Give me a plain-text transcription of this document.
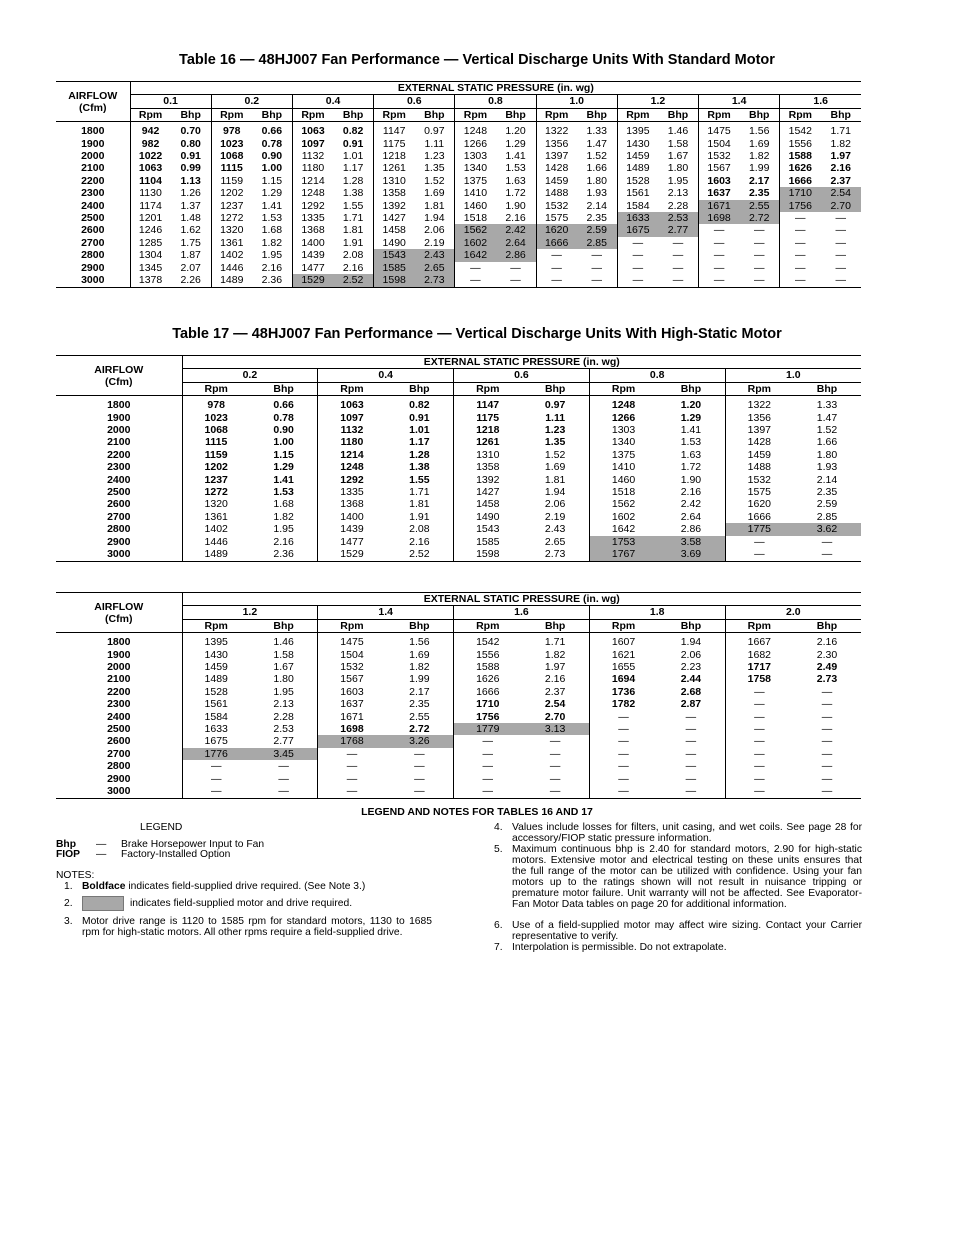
Table 16 — 48HJ007 Fan Performance — Vertical Discharge Units With Standard Motor
AIRFLOW
(Cfm)	EXTERNAL STATIC PRESSURE (in. wg)																	
	0.1		0.2		0.4		0.6		0.8		1.0		1.2		1.4		1.6	
	Rpm	Bhp	Rpm	Bhp	Rpm	Bhp	Rpm	Bhp	Rpm	Bhp	Rpm	Bhp	Rpm	Bhp	Rpm	Bhp	Rpm	Bhp
1800	942	0.70	978	0.66	1063	0.82	1147	0.97	1248	1.20	1322	1.33	1395	1.46	1475	1.56	1542	1.71
1900	982	0.80	1023	0.78	1097	0.91	1175	1.11	1266	1.29	1356	1.47	1430	1.58	1504	1.69	1556	1.82
2000	1022	0.91	1068	0.90	1132	1.01	1218	1.23	1303	1.41	1397	1.52	1459	1.67	1532	1.82	1588	1.97
2100	1063	0.99	1115	1.00	1180	1.17	1261	1.35	1340	1.53	1428	1.66	1489	1.80	1567	1.99	1626	2.16
2200	1104	1.13	1159	1.15	1214	1.28	1310	1.52	1375	1.63	1459	1.80	1528	1.95	1603	2.17	1666	2.37
2300	1130	1.26	1202	1.29	1248	1.38	1358	1.69	1410	1.72	1488	1.93	1561	2.13	1637	2.35	1710	2.54
2400	1174	1.37	1237	1.41	1292	1.55	1392	1.81	1460	1.90	1532	2.14	1584	2.28	1671	2.55	1756	2.70
2500	1201	1.48	1272	1.53	1335	1.71	1427	1.94	1518	2.16	1575	2.35	1633	2.53	1698	2.72	—	—
2600	1246	1.62	1320	1.68	1368	1.81	1458	2.06	1562	2.42	1620	2.59	1675	2.77	—	—	—	—
2700	1285	1.75	1361	1.82	1400	1.91	1490	2.19	1602	2.64	1666	2.85	—	—	—	—	—	—
2800	1304	1.87	1402	1.95	1439	2.08	1543	2.43	1642	2.86	—	—	—	—	—	—	—	—
2900	1345	2.07	1446	2.16	1477	2.16	1585	2.65	—	—	—	—	—	—	—	—	—	—
3000	1378	2.26	1489	2.36	1529	2.52	1598	2.73	—	—	—	—	—	—	—	—	—	—
Table 17 — 48HJ007 Fan Performance — Vertical Discharge Units With High-Static Motor
AIRFLOW
(Cfm)	EXTERNAL STATIC PRESSURE (in. wg)									
	0.2		0.4		0.6		0.8		1.0	
	Rpm	Bhp	Rpm	Bhp	Rpm	Bhp	Rpm	Bhp	Rpm	Bhp
1800	978	0.66	1063	0.82	1147	0.97	1248	1.20	1322	1.33
1900	1023	0.78	1097	0.91	1175	1.11	1266	1.29	1356	1.47
2000	1068	0.90	1132	1.01	1218	1.23	1303	1.41	1397	1.52
2100	1115	1.00	1180	1.17	1261	1.35	1340	1.53	1428	1.66
2200	1159	1.15	1214	1.28	1310	1.52	1375	1.63	1459	1.80
2300	1202	1.29	1248	1.38	1358	1.69	1410	1.72	1488	1.93
2400	1237	1.41	1292	1.55	1392	1.81	1460	1.90	1532	2.14
2500	1272	1.53	1335	1.71	1427	1.94	1518	2.16	1575	2.35
2600	1320	1.68	1368	1.81	1458	2.06	1562	2.42	1620	2.59
2700	1361	1.82	1400	1.91	1490	2.19	1602	2.64	1666	2.85
2800	1402	1.95	1439	2.08	1543	2.43	1642	2.86	1775	3.62
2900	1446	2.16	1477	2.16	1585	2.65	1753	3.58	—	—
3000	1489	2.36	1529	2.52	1598	2.73	1767	3.69	—	—
AIRFLOW
(Cfm)	EXTERNAL STATIC PRESSURE (in. wg)									
	1.2		1.4		1.6		1.8		2.0	
	Rpm	Bhp	Rpm	Bhp	Rpm	Bhp	Rpm	Bhp	Rpm	Bhp
1800	1395	1.46	1475	1.56	1542	1.71	1607	1.94	1667	2.16
1900	1430	1.58	1504	1.69	1556	1.82	1621	2.06	1682	2.30
2000	1459	1.67	1532	1.82	1588	1.97	1655	2.23	1717	2.49
2100	1489	1.80	1567	1.99	1626	2.16	1694	2.44	1758	2.73
2200	1528	1.95	1603	2.17	1666	2.37	1736	2.68	—	—
2300	1561	2.13	1637	2.35	1710	2.54	1782	2.87	—	—
2400	1584	2.28	1671	2.55	1756	2.70	—	—	—	—
2500	1633	2.53	1698	2.72	1779	3.13	—	—	—	—
2600	1675	2.77	1768	3.26	—	—	—	—	—	—
2700	1776	3.45	—	—	—	—	—	—	—	—
2800	—	—	—	—	—	—	—	—	—	—
2900	—	—	—	—	—	—	—	—	—	—
3000	—	—	—	—	—	—	—	—	—	—
LEGEND AND NOTES FOR TABLES 16 AND 17
LEGEND
Bhp — Brake Horsepower Input to Fan
FIOP — Factory-Installed Option
NOTES:
1. Boldface indicates field-supplied drive required. (See Note 3.)
2.	indicates field-supplied motor and drive required.
3. Motor drive range is 1120 to 1585 rpm for standard motors, 1130 to 1685 rpm for high-static motors. All other rpms require a field-supplied drive.
4. Values include losses for filters, unit casing, and wet coils. See page 28 for accessory/FIOP static pressure information.
5. Maximum continuous bhp is 2.40 for standard motors, 2.90 for high-static motors. Extensive motor and electrical testing on these units ensures that the full range of the motor can be utilized with confidence. Using your fan motors up to the ratings shown will not result in nuisance tripping or premature motor failure. Unit warranty will not be affected. See Evaporator-Fan Motor Data tables on page 20 for additional information.
6. Use of a field-supplied motor may affect wire sizing. Contact your Carrier representative to verify.
7. Interpolation is permissible. Do not extrapolate.
